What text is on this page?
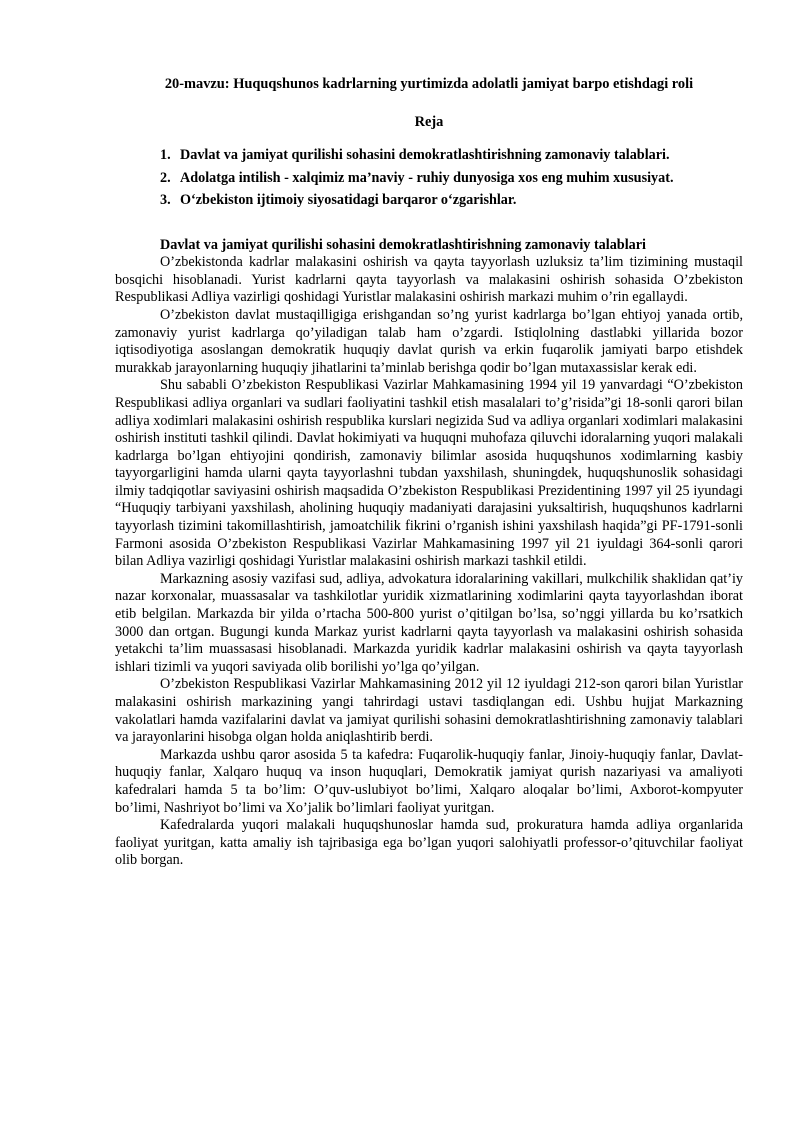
20-mavzu: Huquqshunos kadrlarning yurtimizda adolatli jamiyat barpo etishdagi roli
Reja
1. Davlat va jamiyat qurilishi sohasini demokratlashtirishning zamonaviy talablari.
2. Adolatga intilish - xalqimiz ma’naviy - ruhiy dunyosiga xos eng muhim xususiyat.
3. O‘zbekiston ijtimoiy siyosatidagi barqaror o‘zgarishlar.
Davlat va jamiyat qurilishi sohasini demokratlashtirishning zamonaviy talablari

O’zbekistonda kadrlar malakasini oshirish va qayta tayyorlash uzluksiz ta’lim tizimining mustaqil bosqichi hisoblanadi. Yurist kadrlarni qayta tayyorlash va malakasini oshirish sohasida O’zbekiston Respublikasi Adliya vazirligi qoshidagi Yuristlar malakasini oshirish markazi muhim o’rin egallaydi.

O’zbekiston davlat mustaqilligiga erishgandan so’ng yurist kadrlarga bo’lgan ehtiyoj yanada ortib, zamonaviy yurist kadrlarga qo’yiladigan talab ham o’zgardi. Istiqlolning dastlabki yillarida bozor iqtisodiyotiga asoslangan demokratik huquqiy davlat qurish va erkin fuqarolik jamiyati barpo etishdek murakkab jarayonlarning huquqiy jihatlarini ta’minlab berishga qodir bo’lgan mutaxassislar kerak edi.

Shu sababli O’zbekiston Respublikasi Vazirlar Mahkamasining 1994 yil 19 yanvardagi “O’zbekiston Respublikasi adliya organlari va sudlari faoliyatini tashkil etish masalalari to’g’risida”gi 18-sonli qarori bilan adliya xodimlari malakasini oshirish respublika kurslari negizida Sud va adliya organlari xodimlari malakasini oshirish instituti tashkil qilindi. Davlat hokimiyati va huquqni muhofaza qiluvchi idoralarning yuqori malakali kadrlarga bo’lgan ehtiyojini qondirish, zamonaviy bilimlar asosida huquqshunos xodimlarning kasbiy tayyorgarligini hamda ularni qayta tayyorlashni tubdan yaxshilash, shuningdek, huquqshunoslik sohasidagi ilmiy tadqiqotlar saviyasini oshirish maqsadida O’zbekiston Respublikasi Prezidentining 1997 yil 25 iyundagi “Huquqiy tarbiyani yaxshilash, aholining huquqiy madaniyati darajasini yuksaltirish, huquqshunos kadrlarni tayyorlash tizimini takomillashtirish, jamoatchilik fikrini o’rganish ishini yaxshilash haqida”gi PF-1791-sonli Farmoni asosida O’zbekiston Respublikasi Vazirlar Mahkamasining 1997 yil 21 iyuldagi 364-sonli qarori bilan Adliya vazirligi qoshidagi Yuristlar malakasini oshirish markazi tashkil etildi.

Markazning asosiy vazifasi sud, adliya, advokatura idoralarining vakillari, mulkchilik shaklidan qat’iy nazar korxonalar, muassasalar va tashkilotlar yuridik xizmatlarining xodimlarini qayta tayyorlashdan iborat etib belgilan. Markazda bir yilda o’rtacha 500-800 yurist o’qitilgan bo’lsa, so’nggi yillarda bu ko’rsatkich 3000 dan ortgan. Bugungi kunda Markaz yurist kadrlarni qayta tayyorlash va malakasini oshirish sohasida yetakchi ta’lim muassasasi hisoblanadi. Markazda yuridik kadrlar malakasini oshirish va qayta tayyorlash ishlari tizimli va yuqori saviyada olib borilishi yo’lga qo’yilgan.

O’zbekiston Respublikasi Vazirlar Mahkamasining 2012 yil 12 iyuldagi 212-son qarori bilan Yuristlar malakasini oshirish markazining yangi tahrirdagi ustavi tasdiqlangan edi. Ushbu hujjat Markazning vakolatlari hamda vazifalarini davlat va jamiyat qurilishi sohasini demokratlashtirishning zamonaviy talablari va jarayonlarini hisobga olgan holda aniqlashtirib berdi.

Markazda ushbu qaror asosida 5 ta kafedra: Fuqarolik-huquqiy fanlar, Jinoiy-huquqiy fanlar, Davlat-huquqiy fanlar, Xalqaro huquq va inson huquqlari, Demokratik jamiyat qurish nazariyasi va amaliyoti kafedralari hamda 5 ta bo’lim: O’quv-uslubiyot bo’limi, Xalqaro aloqalar bo’limi, Axborot-kompyuter bo’limi, Nashriyot bo’limi va Xo’jalik bo’limlari faoliyat yuritgan.

Kafedralarda yuqori malakali huquqshunoslar hamda sud, prokuratura hamda adliya organlarida faoliyat yuritgan, katta amaliy ish tajribasiga ega bo’lgan yuqori salohiyatli professor-o’qituvchilar faoliyat olib borgan.
